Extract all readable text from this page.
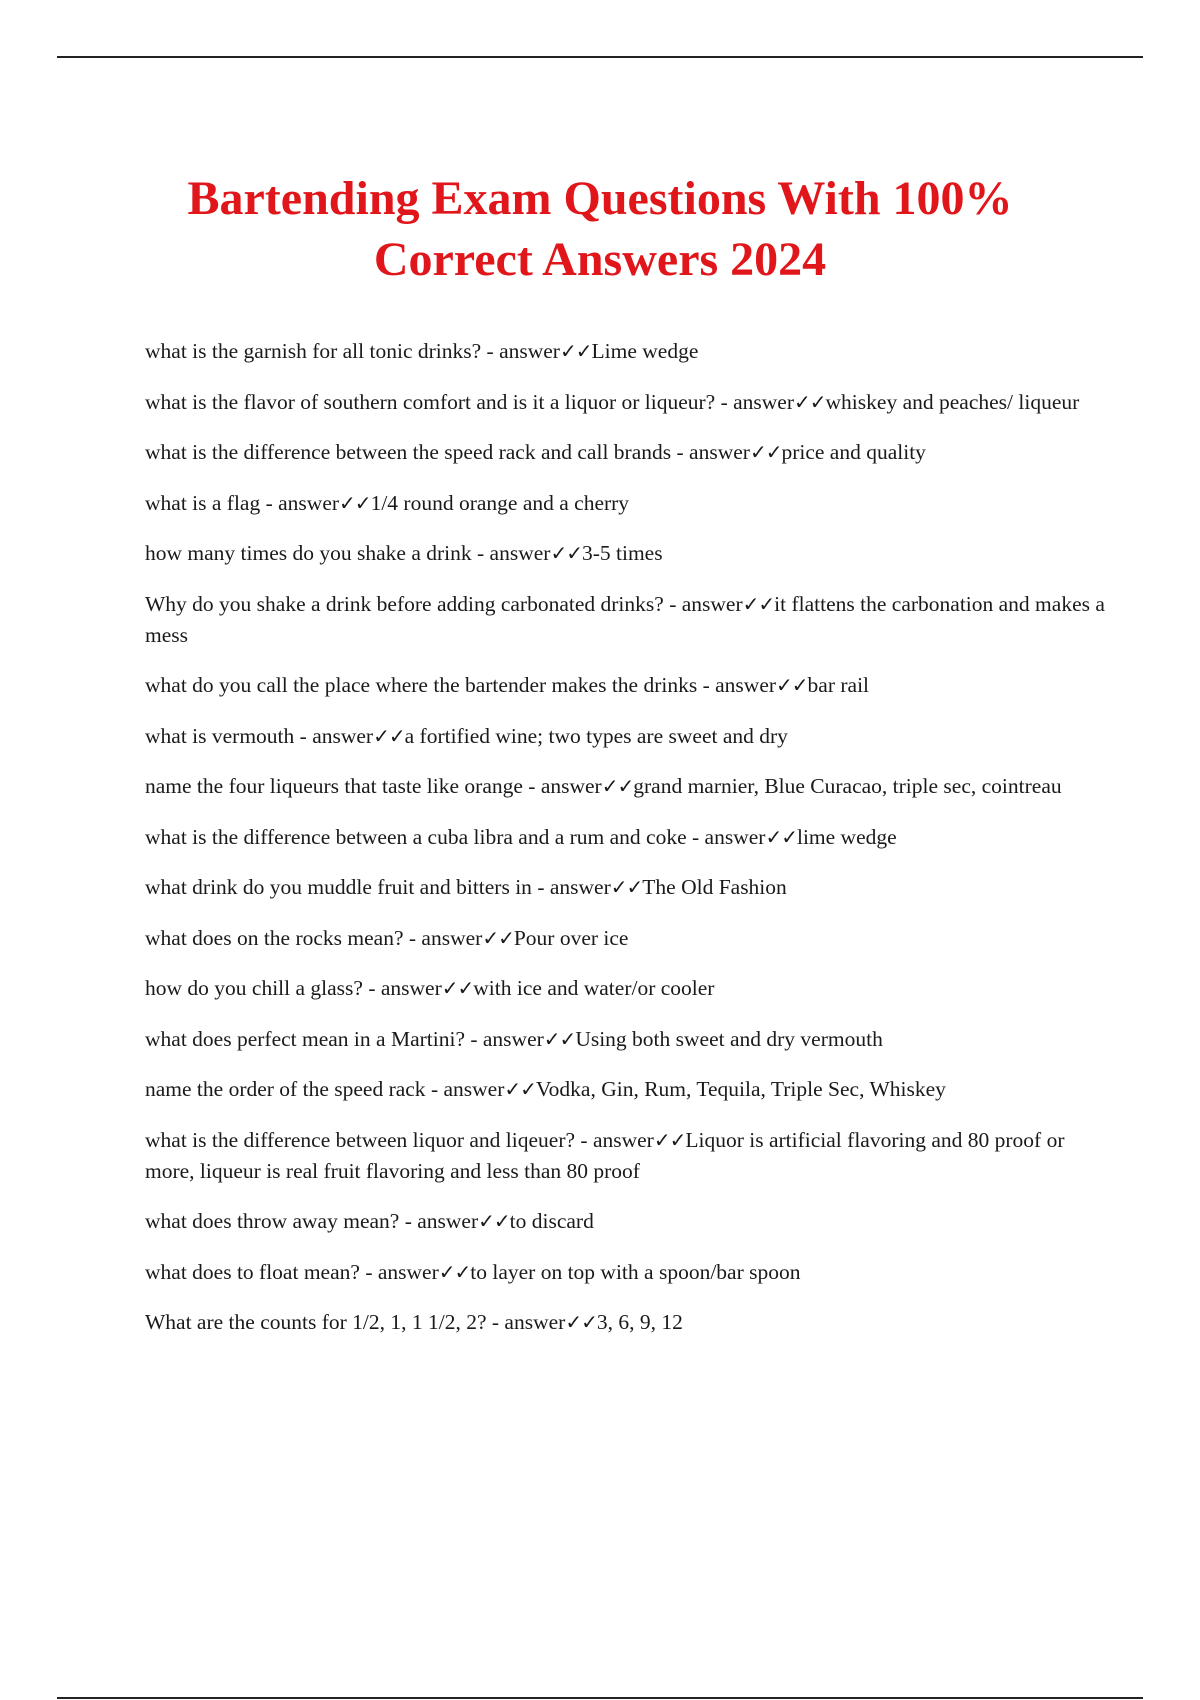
Bartending Exam Questions With 100%
Correct Answers 2024
what is the garnish for all tonic drinks? - answer✓✓Lime wedge
what is the flavor of southern comfort and is it a liquor or liqueur? - answer✓✓whiskey and peaches/ liqueur
what is the difference between the speed rack and call brands - answer✓✓price and quality
what is a flag - answer✓✓1/4 round orange and a cherry
how many times do you shake a drink - answer✓✓3-5 times
Why do you shake a drink before adding carbonated drinks? - answer✓✓it flattens the carbonation and makes a mess
what do you call the place where the bartender makes the drinks - answer✓✓bar rail
what is vermouth - answer✓✓a fortified wine; two types are sweet and dry
name the four liqueurs that taste like orange - answer✓✓grand marnier, Blue Curacao, triple sec, cointreau
what is the difference between a cuba libra and a rum and coke - answer✓✓lime wedge
what drink do you muddle fruit and bitters in - answer✓✓The Old Fashion
what does on the rocks mean? - answer✓✓Pour over ice
how do you chill a glass? - answer✓✓with ice and water/or cooler
what does perfect mean in a Martini? - answer✓✓Using both sweet and dry vermouth
name the order of the speed rack - answer✓✓Vodka, Gin, Rum, Tequila, Triple Sec, Whiskey
what is the difference between liquor and liqeuer? - answer✓✓Liquor is artificial flavoring and 80 proof or more, liqueur is real fruit flavoring and less than 80 proof
what does throw away mean? - answer✓✓to discard
what does to float mean? - answer✓✓to layer on top with a spoon/bar spoon
What are the counts for 1/2, 1, 1 1/2, 2? - answer✓✓3, 6, 9, 12
